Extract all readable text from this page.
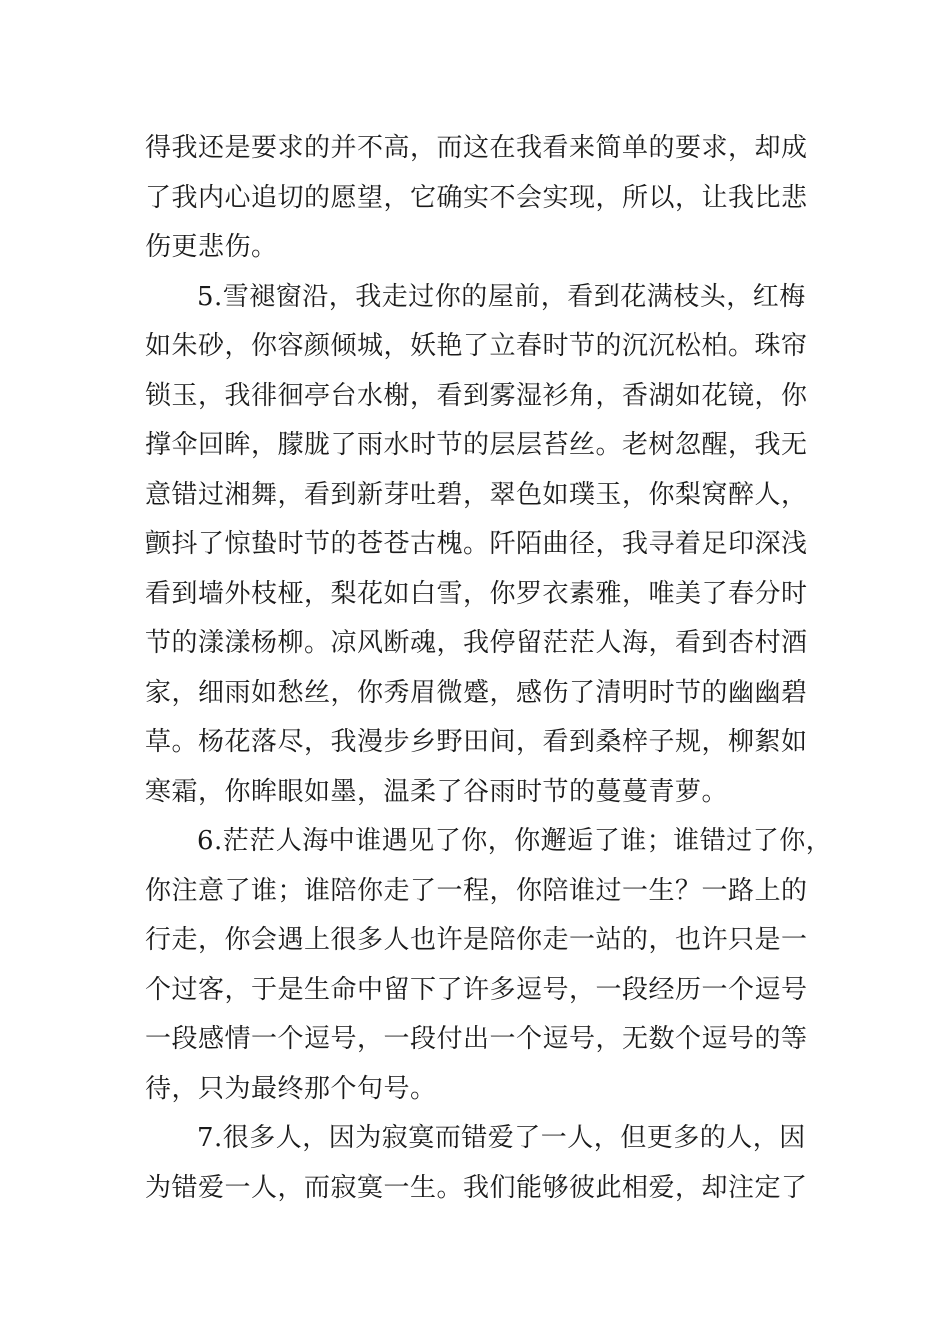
得我还是要求的并不高，而这在我看来简单的要求，却成
了我内心追切的愿望，它确实不会实现，所以，让我比悲
伤更悲伤。
5.雪褪窗沿，我走过你的屋前，看到花满枝头，红梅
如朱砂，你容颜倾城，妖艳了立春时节的沉沉松柏。珠帘
锁玉，我徘徊亭台水榭，看到雾湿衫角，香湖如花镜，你
撑伞回眸，朦胧了雨水时节的层层苔丝。老树忽醒，我无
意错过湘舞，看到新芽吐碧，翠色如璞玉，你梨窝醉人，
颤抖了惊蛰时节的苍苍古槐。阡陌曲径，我寻着足印深浅
看到墙外枝桠，梨花如白雪，你罗衣素雅，唯美了春分时
节的漾漾杨柳。凉风断魂，我停留茫茫人海，看到杏村酒
家，细雨如愁丝，你秀眉微蹙，感伤了清明时节的幽幽碧
草。杨花落尽，我漫步乡野田间，看到桑梓子规，柳絮如
寒霜，你眸眼如墨，温柔了谷雨时节的蔓蔓青萝。
6.茫茫人海中谁遇见了你，你邂逅了谁；谁错过了你，
你注意了谁；谁陪你走了一程，你陪谁过一生？一路上的
行走，你会遇上很多人也许是陪你走一站的，也许只是一
个过客，于是生命中留下了许多逗号，一段经历一个逗号
一段感情一个逗号，一段付出一个逗号，无数个逗号的等
待，只为最终那个句号。
7.很多人，因为寂寞而错爱了一人，但更多的人，因
为错爱一人，而寂寞一生。我们能够彼此相爱，却注定了
